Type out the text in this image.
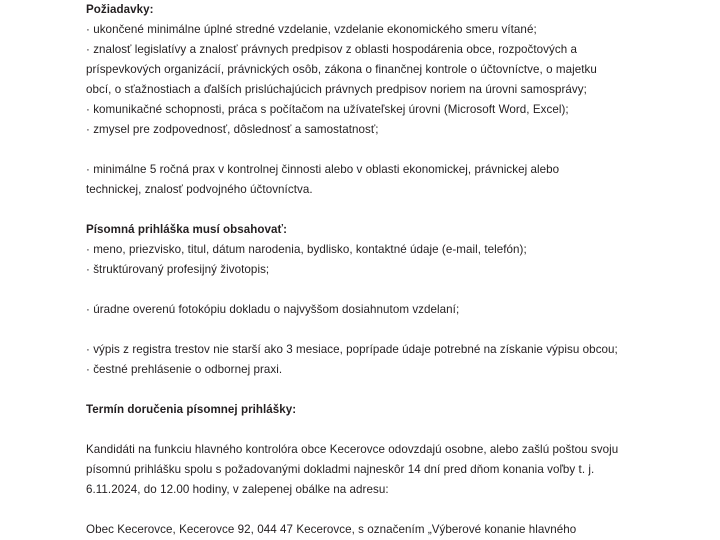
Požiadavky:
· ukončené minimálne úplné stredné vzdelanie, vzdelanie ekonomického smeru vítané;
· znalosť legislatívy a znalosť právnych predpisov z oblasti hospodárenia obce, rozpočtových a
príspevkových organizácií, právnických osôb, zákona o finančnej kontrole o účtovníctve, o majetku
obcí, o sťažnostiach a ďalších prislúchajúcich právnych predpisov noriem na úrovni samosprávy;
· komunikačné schopnosti, práca s počítačom na užívateľskej úrovni (Microsoft Word, Excel);
· zmysel pre zodpovednosť, dôslednosť a samostatnosť;
· minimálne 5 ročná prax v kontrolnej činnosti alebo v oblasti ekonomickej, právnickej alebo
technickej, znalosť podvojného účtovníctva.
Písomná prihláška musí obsahovať:
· meno, priezvisko, titul, dátum narodenia, bydlisko, kontaktné údaje (e-mail, telefón);
· štruktúrovaný profesijný životopis;
· úradne overenú fotokópiu dokladu o najvyššom dosiahnutom vzdelaní;
· výpis z registra trestov nie starší ako 3 mesiace, poprípade údaje potrebné na získanie výpisu obcou;
· čestné prehlásenie o odbornej praxi.
Termín doručenia písomnej prihlášky:
Kandidáti na funkciu hlavného kontrolóra obce Kecerovce odovzdajú osobne, alebo zašlú poštou svoju
písomnú prihlášku spolu s požadovanými dokladmi najneskôr 14 dní pred dňom konania voľby t. j.
6.11.2024, do 12.00 hodiny, v zalepenej obálke na adresu:
Obec Kecerovce, Kecerovce 92, 044 47 Kecerovce, s označením „Výberové konanie hlavného
